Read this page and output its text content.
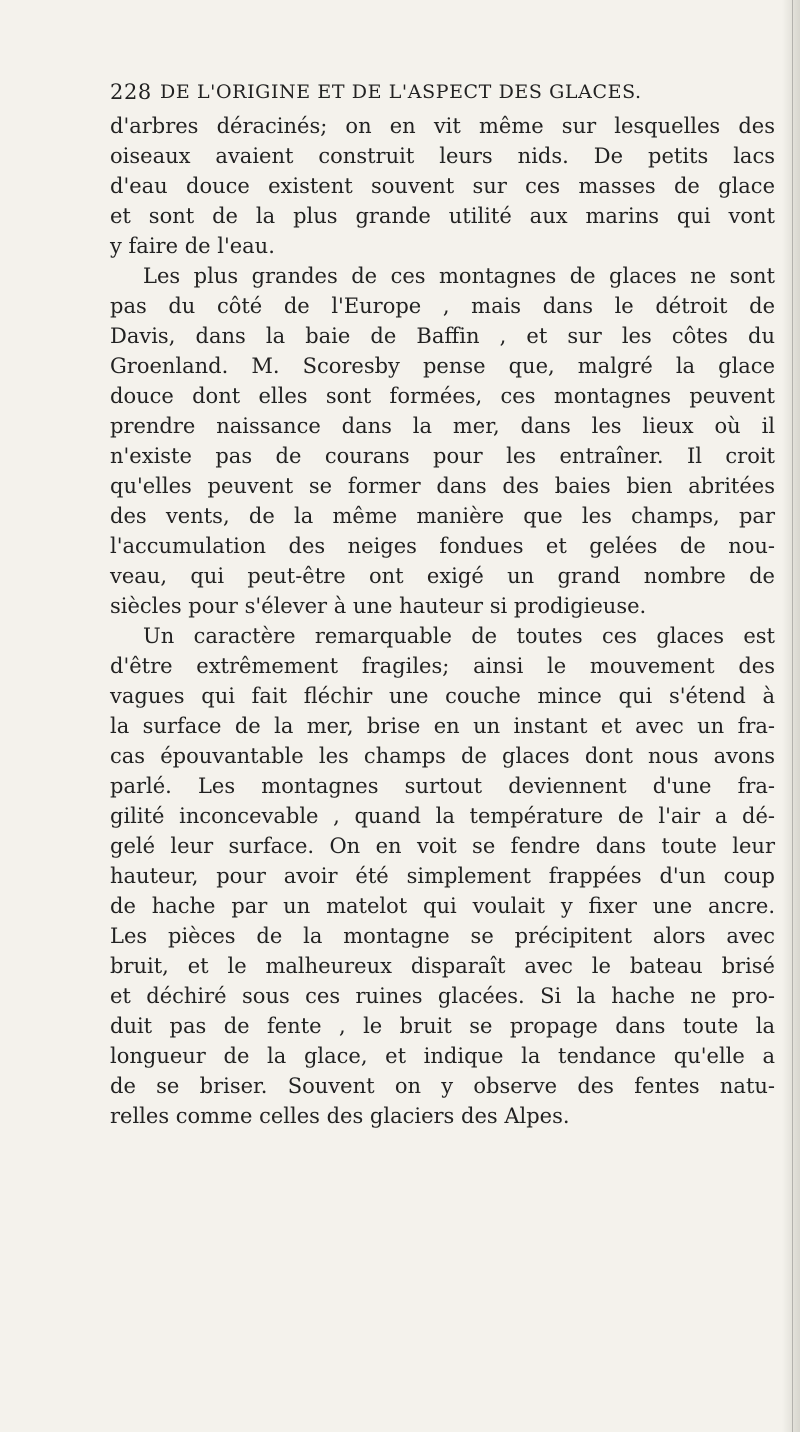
228 DE L'ORIGINE ET DE L'ASPECT DES GLACES.
d'arbres déracinés; on en vit même sur lesquelles des
oiseaux avaient construit leurs nids. De petits lacs
d'eau douce existent souvent sur ces masses de glace
et sont de la plus grande utilité aux marins qui vont
y faire de l'eau.
Les plus grandes de ces montagnes de glaces ne sont
pas du côté de l'Europe , mais dans le détroit de
Davis, dans la baie de Baffin , et sur les côtes du
Groenland. M. Scoresby pense que, malgré la glace
douce dont elles sont formées, ces montagnes peuvent
prendre naissance dans la mer, dans les lieux où il
n'existe pas de courans pour les entraîner. Il croit
qu'elles peuvent se former dans des baies bien abritées
des vents, de la même manière que les champs, par
l'accumulation des neiges fondues et gelées de nou-
veau, qui peut-être ont exigé un grand nombre de
siècles pour s'élever à une hauteur si prodigieuse.
Un caractère remarquable de toutes ces glaces est
d'être extrêmement fragiles; ainsi le mouvement des
vagues qui fait fléchir une couche mince qui s'étend à
la surface de la mer, brise en un instant et avec un fra-
cas épouvantable les champs de glaces dont nous avons
parlé. Les montagnes surtout deviennent d'une fra-
gilité inconcevable , quand la température de l'air a dé-
gelé leur surface. On en voit se fendre dans toute leur
hauteur, pour avoir été simplement frappées d'un coup
de hache par un matelot qui voulait y fixer une ancre.
Les pièces de la montagne se précipitent alors avec
bruit, et le malheureux disparaît avec le bateau brisé
et déchiré sous ces ruines glacées. Si la hache ne pro-
duit pas de fente , le bruit se propage dans toute la
longueur de la glace, et indique la tendance qu'elle a
de se briser. Souvent on y observe des fentes natu-
relles comme celles des glaciers des Alpes.
